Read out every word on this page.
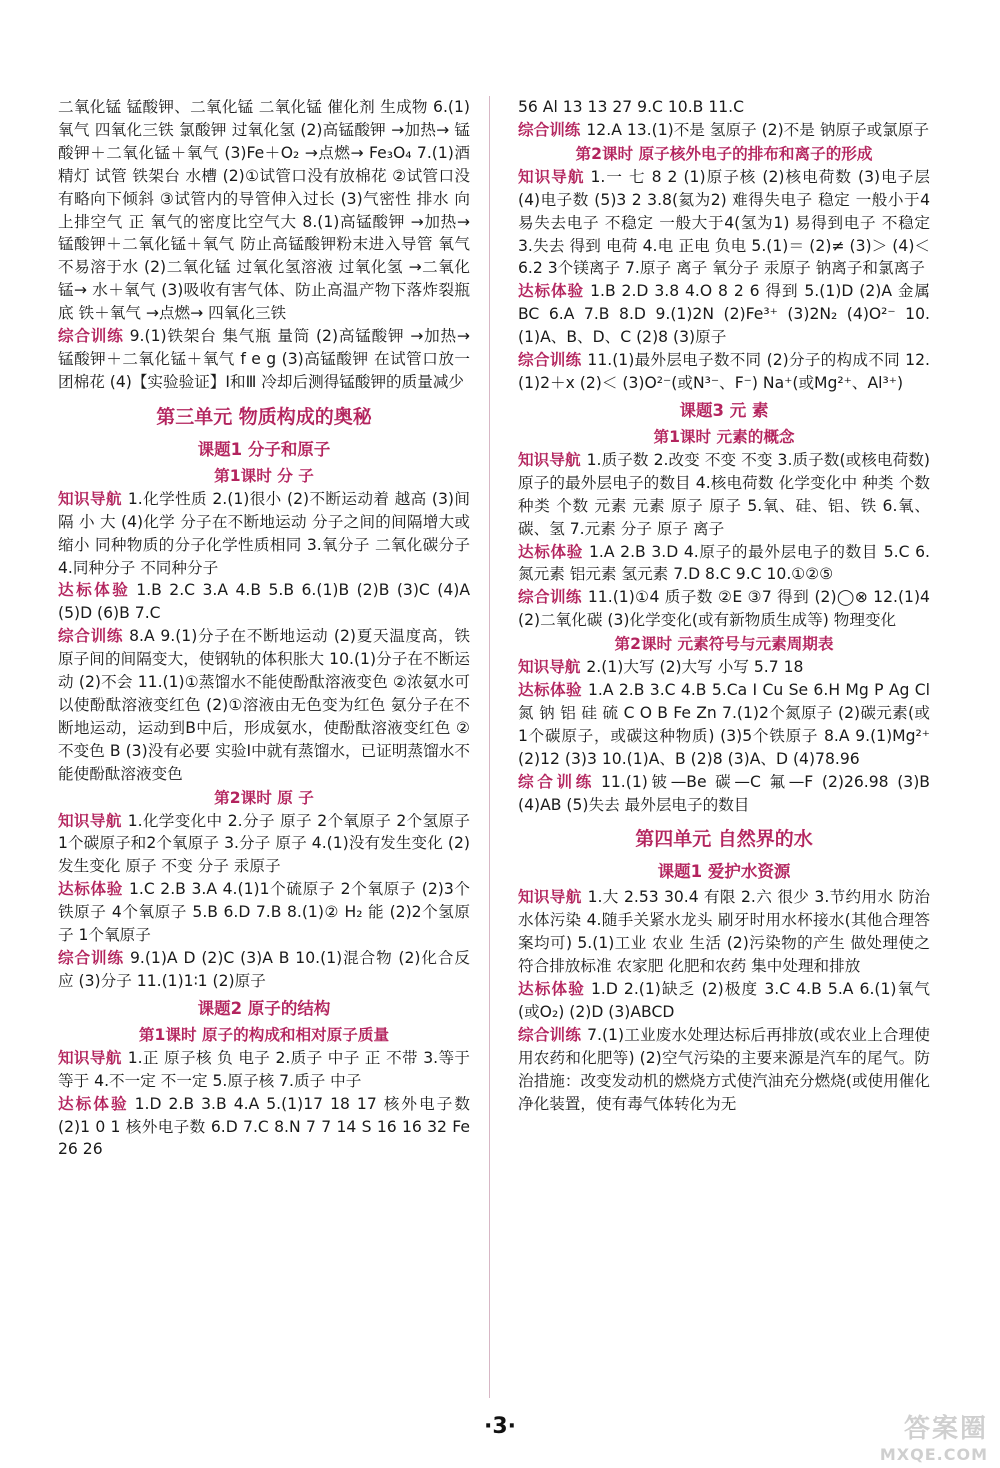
二氧化锰 锰酸钾、二氧化锰 二氧化锰 催化剂 生成物 6.(1)氧气 四氧化三铁 氯酸钾 过氧化氢 (2)高锰酸钾 →加热→ 锰酸钾＋二氧化锰＋氧气 (3)Fe＋O₂ →点燃→ Fe₃O₄ 7.(1)酒精灯 试管 铁架台 水槽 (2)①试管口没有放棉花 ②试管口没有略向下倾斜 ③试管内的导管伸入过长 (3)气密性 排水 向上排空气 正 氧气的密度比空气大 8.(1)高锰酸钾 →加热→ 锰酸钾＋二氧化锰＋氧气 防止高锰酸钾粉末进入导管 氧气不易溶于水 (2)二氧化锰 过氧化氢溶液 过氧化氢 →二氧化锰→ 水＋氧气 (3)吸收有害气体、防止高温产物下落炸裂瓶底 铁＋氧气 →点燃→ 四氧化三铁

综合训练 9.(1)铁架台 集气瓶 量筒 (2)高锰酸钾 →加热→ 锰酸钾＋二氧化锰＋氧气 f e g (3)高锰酸钾 在试管口放一团棉花 (4)【实验验证】Ⅰ和Ⅲ 冷却后测得锰酸钾的质量减少

第三单元 物质构成的奥秘
课题1 分子和原子
第1课时 分 子

知识导航 1.化学性质 2.(1)很小 (2)不断运动着 越高 (3)间隔 小 大 (4)化学 分子在不断地运动 分子之间的间隔增大或缩小 同种物质的分子化学性质相同 3.氧分子 二氧化碳分子 4.同种分子 不同种分子

达标体验 1.B 2.C 3.A 4.B 5.B 6.(1)B (2)B (3)C (4)A (5)D (6)B 7.C

综合训练 8.A 9.(1)分子在不断地运动 (2)夏天温度高，铁原子间的间隔变大，使钢轨的体积胀大 10.(1)分子在不断运动 (2)不会 11.(1)①蒸馏水不能使酚酞溶液变色 ②浓氨水可以使酚酞溶液变红色 (2)①溶液由无色变为红色 氨分子在不断地运动，运动到B中后，形成氨水，使酚酞溶液变红色 ②不变色 B (3)没有必要 实验Ⅰ中就有蒸馏水，已证明蒸馏水不能使酚酞溶液变色

第2课时 原 子

知识导航 1.化学变化中 2.分子 原子 2个氧原子 2个氢原子 1个碳原子和2个氧原子 3.分子 原子 4.(1)没有发生变化 (2)发生变化 原子 不变 分子 汞原子

达标体验 1.C 2.B 3.A 4.(1)1个硫原子 2个氧原子 (2)3个铁原子 4个氧原子 5.B 6.D 7.B 8.(1)② H₂ 能 (2)2个氢原子 1个氧原子

综合训练 9.(1)A D (2)C (3)A B 10.(1)混合物 (2)化合反应 (3)分子 11.(1)1∶1 (2)原子

课题2 原子的结构
第1课时 原子的构成和相对原子质量

知识导航 1.正 原子核 负 电子 2.质子 中子 正 不带 3.等于 等于 4.不一定 不一定 5.原子核 7.质子 中子

达标体验 1.D 2.B 3.B 4.A 5.(1)17 18 17 核外电子数 (2)1 0 1 核外电子数 6.D 7.C 8.N 7 7 14 S 16 16 32 Fe 26 26

56 Al 13 13 27 9.C 10.B 11.C

综合训练 12.A 13.(1)不是 氢原子 (2)不是 钠原子或氯原子

第2课时 原子核外电子的排布和离子的形成

知识导航 1.一 七 8 2 (1)原子核 (2)核电荷数 (3)电子层 (4)电子数 (5)3 2 3.8(氦为2) 难得失电子 稳定 一般小于4 易失去电子 不稳定 一般大于4(氢为1) 易得到电子 不稳定 3.失去 得到 电荷 4.电 正电 负电 5.(1)＝ (2)≠ (3)＞ (4)＜ 6.2 3个镁离子 7.原子 离子 氧分子 汞原子 钠离子和氯离子

达标体验 1.B 2.D 3.8 4.O 8 2 6 得到 5.(1)D (2)A 金属 BC 6.A 7.B 8.D 9.(1)2N (2)Fe³⁺ (3)2N₂ (4)O²⁻ 10.(1)A、B、D、C (2)8 (3)原子

综合训练 11.(1)最外层电子数不同 (2)分子的构成不同 12.(1)2＋x (2)＜ (3)O²⁻(或N³⁻、F⁻) Na⁺(或Mg²⁺、Al³⁺)

课题3 元 素
第1课时 元素的概念

知识导航 1.质子数 2.改变 不变 不变 3.质子数(或核电荷数) 原子的最外层电子的数目 4.核电荷数 化学变化中 种类 个数 种类 个数 元素 元素 原子 原子 5.氧、硅、铝、铁 6.氧、碳、氢 7.元素 分子 原子 离子

达标体验 1.A 2.B 3.D 4.原子的最外层电子的数目 5.C 6.氮元素 铝元素 氢元素 7.D 8.C 9.C 10.①②⑤

综合训练 11.(1)①4 质子数 ②E ③7 得到 (2)◯⊗ 12.(1)4 (2)二氧化碳 (3)化学变化(或有新物质生成等) 物理变化

第2课时 元素符号与元素周期表

知识导航 2.(1)大写 (2)大写 小写 5.7 18

达标体验 1.A 2.B 3.C 4.B 5.Ca I Cu Se 6.H Mg P Ag Cl 氮 钠 铝 硅 硫 C O B Fe Zn 7.(1)2个氮原子 (2)碳元素(或1个碳原子，或碳这种物质) (3)5个铁原子 8.A 9.(1)Mg²⁺ (2)12 (3)3 10.(1)A、B (2)8 (3)A、D (4)78.96

综合训练 11.(1)铍—Be 碳—C 氟—F (2)26.98 (3)B (4)AB (5)失去 最外层电子的数目

第四单元 自然界的水
课题1 爱护水资源

知识导航 1.大 2.53 30.4 有限 2.六 很少 3.节约用水 防治水体污染 4.随手关紧水龙头 刷牙时用水杯接水(其他合理答案均可) 5.(1)工业 农业 生活 (2)污染物的产生 做处理使之符合排放标准 农家肥 化肥和农药 集中处理和排放

达标体验 1.D 2.(1)缺乏 (2)极度 3.C 4.B 5.A 6.(1)氧气(或O₂) (2)D (3)ABCD

综合训练 7.(1)工业废水处理达标后再排放(或农业上合理使用农药和化肥等) (2)空气污染的主要来源是汽车的尾气。防治措施：改变发动机的燃烧方式使汽油充分燃烧(或使用催化净化装置，使有毒气体转化为无

·3·	答案圈
MXQE.COM
